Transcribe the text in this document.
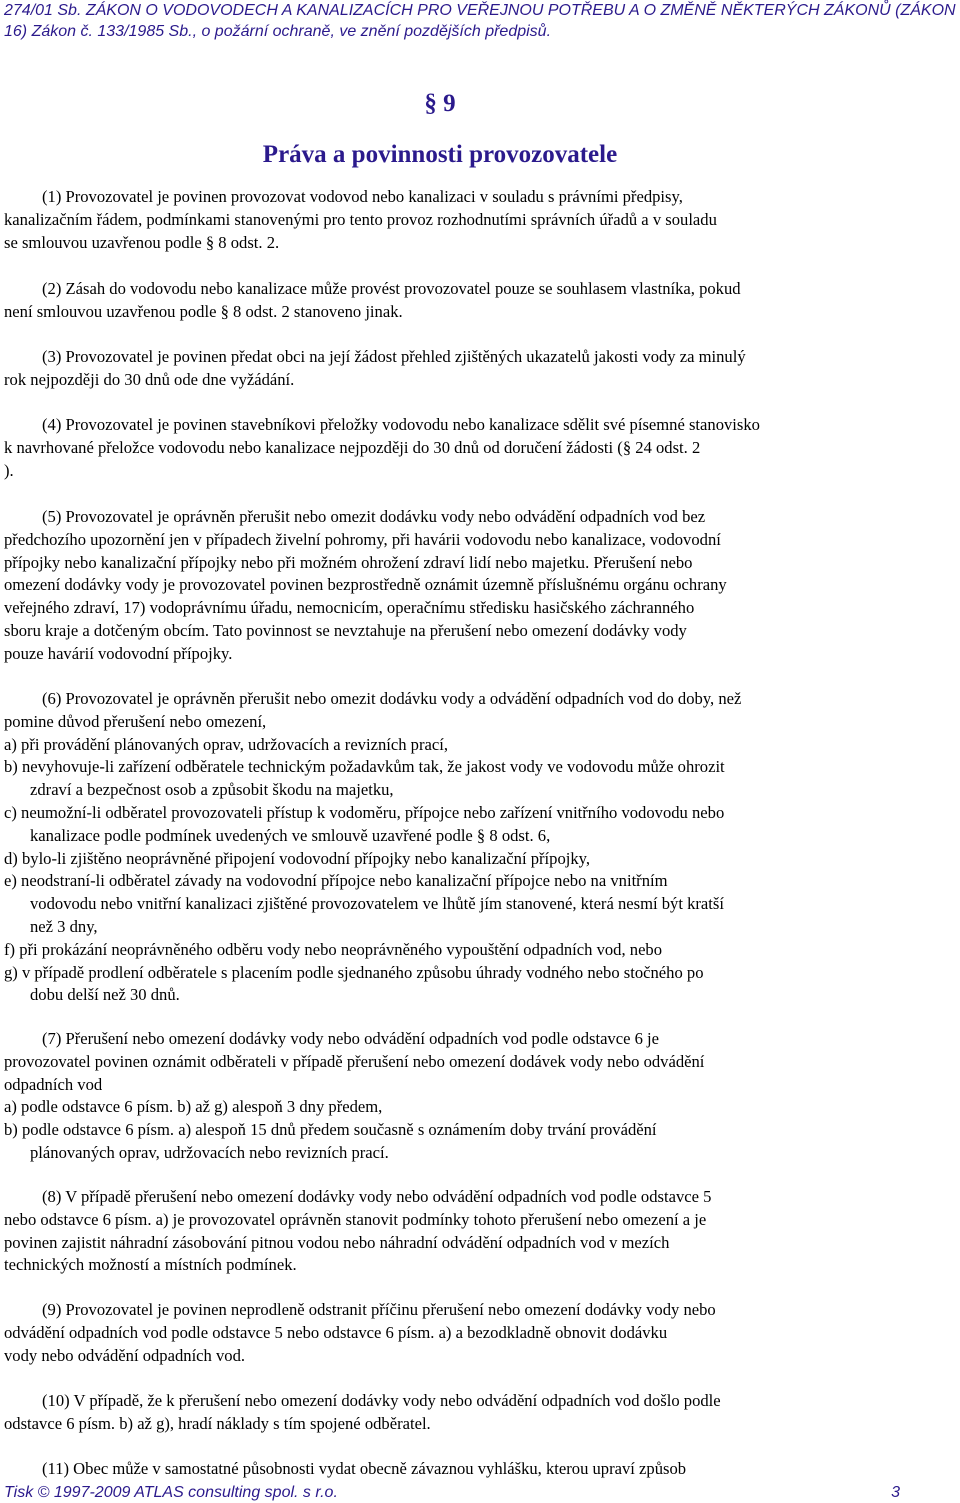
274/01 Sb. ZÁKON O VODOVODECH A KANALIZACÍCH PRO VEŘEJNOU POTŘEBU A O ZMĚNĚ NĚKTERÝCH ZÁKONŮ (ZÁKON
16) Zákon č. 133/1985 Sb., o požární ochraně, ve znění pozdějších předpisů.
§ 9
Práva a povinnosti provozovatele
(1) Provozovatel je povinen provozovat vodovod nebo kanalizaci v souladu s právními předpisy,
kanalizačním řádem, podmínkami stanovenými pro tento provoz rozhodnutími správních úřadů a v souladu
se smlouvou uzavřenou podle § 8 odst. 2.
(2) Zásah do vodovodu nebo kanalizace může provést provozovatel pouze se souhlasem vlastníka, pokud
není smlouvou uzavřenou podle § 8 odst. 2 stanoveno jinak.
(3) Provozovatel je povinen předat obci na její žádost přehled zjištěných ukazatelů jakosti vody za minulý
rok nejpozději do 30 dnů ode dne vyžádání.
(4) Provozovatel je povinen stavebníkovi přeložky vodovodu nebo kanalizace sdělit své písemné stanovisko
k navrhované přeložce vodovodu nebo kanalizace nejpozději do 30 dnů od doručení žádosti (§ 24 odst. 2
).
(5) Provozovatel je oprávněn přerušit nebo omezit dodávku vody nebo odvádění odpadních vod bez
předchozího upozornění jen v případech živelní pohromy, při havárii vodovodu nebo kanalizace, vodovodní
přípojky nebo kanalizační přípojky nebo při možném ohrožení zdraví lidí nebo majetku. Přerušení nebo
omezení dodávky vody je provozovatel povinen bezprostředně oznámit územně příslušnému orgánu ochrany
veřejného zdraví, 17) vodoprávnímu úřadu, nemocnicím, operačnímu středisku hasičského záchranného
sboru kraje a dotčeným obcím. Tato povinnost se nevztahuje na přerušení nebo omezení dodávky vody
pouze havárií vodovodní přípojky.
(6) Provozovatel je oprávněn přerušit nebo omezit dodávku vody a odvádění odpadních vod do doby, než
pomine důvod přerušení nebo omezení,
a) při provádění plánovaných oprav, udržovacích a revizních prací,
b) nevyhovuje-li zařízení odběratele technickým požadavkům tak, že jakost vody ve vodovodu může ohrozit
zdraví a bezpečnost osob a způsobit škodu na majetku,
c) neumožní-li odběratel provozovateli přístup k vodoměru, přípojce nebo zařízení vnitřního vodovodu nebo
kanalizace podle podmínek uvedených ve smlouvě uzavřené podle § 8 odst. 6,
d) bylo-li zjištěno neoprávněné připojení vodovodní přípojky nebo kanalizační přípojky,
e) neodstraní-li odběratel závady na vodovodní přípojce nebo kanalizační přípojce nebo na vnitřním
vodovodu nebo vnitřní kanalizaci zjištěné provozovatelem ve lhůtě jím stanovené, která nesmí být kratší
než 3 dny,
f) při prokázání neoprávněného odběru vody nebo neoprávněného vypouštění odpadních vod, nebo
g) v případě prodlení odběratele s placením podle sjednaného způsobu úhrady vodného nebo stočného po
dobu delší než 30 dnů.
(7) Přerušení nebo omezení dodávky vody nebo odvádění odpadních vod podle odstavce 6 je
provozovatel povinen oznámit odběrateli v případě přerušení nebo omezení dodávek vody nebo odvádění
odpadních vod
a) podle odstavce 6 písm. b) až g) alespoň 3 dny předem,
b) podle odstavce 6 písm. a) alespoň 15 dnů předem současně s oznámením doby trvání provádění
plánovaných oprav, udržovacích nebo revizních prací.
(8) V případě přerušení nebo omezení dodávky vody nebo odvádění odpadních vod podle odstavce 5
nebo odstavce 6 písm. a) je provozovatel oprávněn stanovit podmínky tohoto přerušení nebo omezení a je
povinen zajistit náhradní zásobování pitnou vodou nebo náhradní odvádění odpadních vod v mezích
technických možností a místních podmínek.
(9) Provozovatel je povinen neprodleně odstranit příčinu přerušení nebo omezení dodávky vody nebo
odvádění odpadních vod podle odstavce 5 nebo odstavce 6 písm. a) a bezodkladně obnovit dodávku
vody nebo odvádění odpadních vod.
(10) V případě, že k přerušení nebo omezení dodávky vody nebo odvádění odpadních vod došlo podle
odstavce 6 písm. b) až g), hradí náklady s tím spojené odběratel.
(11) Obec může v samostatné působnosti vydat obecně závaznou vyhlášku, kterou upraví způsob
Tisk © 1997-2009 ATLAS consulting spol. s r.o.	3
